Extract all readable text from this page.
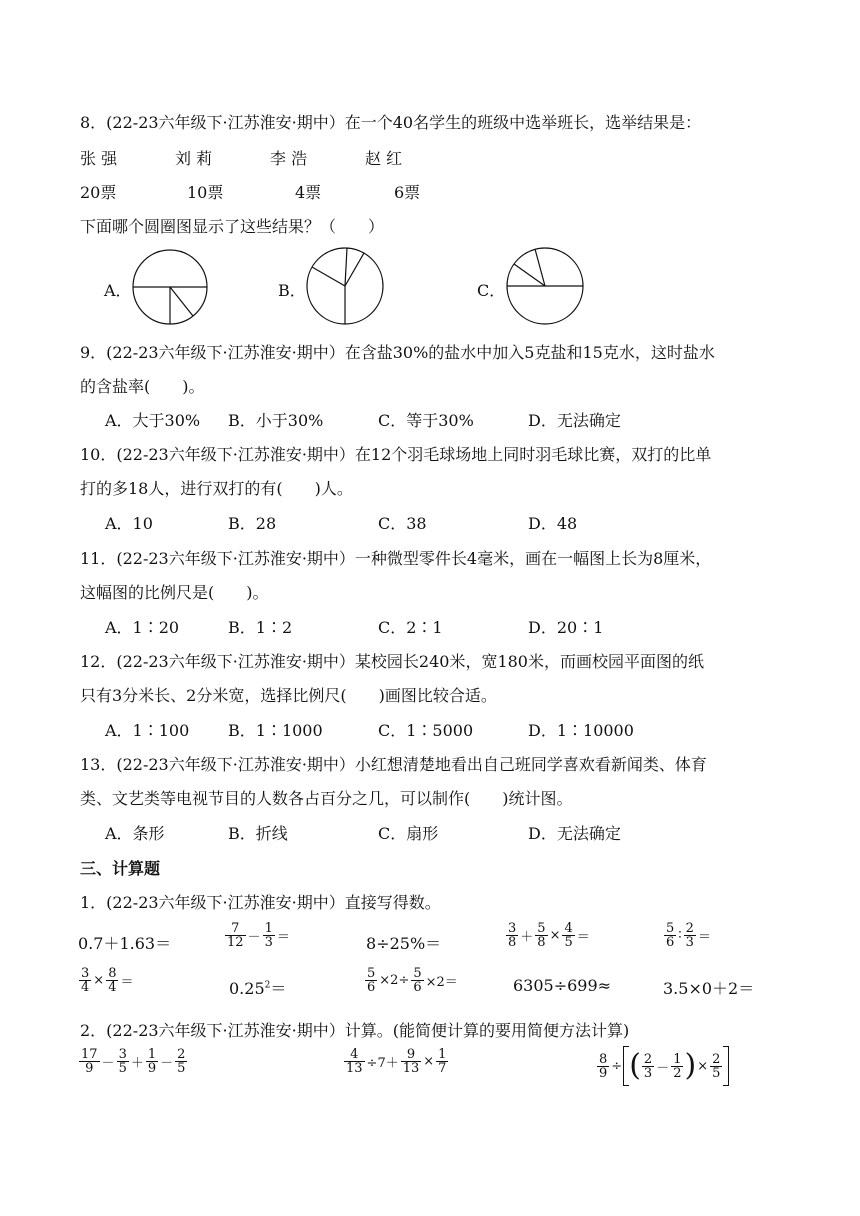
8．(22-23六年级下·江苏淮安·期中）在一个40名学生的班级中选举班长，选举结果是：
张 强	刘 莉	李 浩	赵 红
20票	10票	4票	6票
下面哪个圆圈图显示了这些结果？（　　）
A．	B．	C．
9．(22-23六年级下·江苏淮安·期中）在含盐30%的盐水中加入5克盐和15克水，这时盐水
的含盐率(　　)。
A．大于30% B．小于30%	C．等于30%	D．无法确定
10．(22-23六年级下·江苏淮安·期中）在12个羽毛球场地上同时羽毛球比赛，双打的比单
打的多18人，进行双打的有(　　)人。
A．10	B．28	C．38	D．48
11．(22-23六年级下·江苏淮安·期中）一种微型零件长4毫米，画在一幅图上长为8厘米，
这幅图的比例尺是(　　)。
A．1∶20	B．1∶2	C．2∶1	D．20∶1
12．(22-23六年级下·江苏淮安·期中）某校园长240米，宽180米，而画校园平面图的纸
只有3分米长、2分米宽，选择比例尺(　　)画图比较合适。
A．1∶100 B．1∶1000	C．1∶5000	D．1∶10000
13．(22-23六年级下·江苏淮安·期中）小红想清楚地看出自己班同学喜欢看新闻类、体育
类、文艺类等电视节目的人数各占百分之几，可以制作(　　)统计图。
A．条形	B．折线	C．扇形	D．无法确定
三、计算题
1．(22-23六年级下·江苏淮安·期中）直接写得数。
0.7＋1.63＝	$\frac{7}{12} - \frac{1}{3}$ ＝	8÷25%＝	$\frac{3}{8} + \frac{5}{8} \times \frac{4}{5}$ ＝	$\frac{5}{6}$ ∶ $\frac{2}{3}$ ＝
$\frac{3}{4} \times \frac{8}{4}$ ＝	$0.25^2=$	$\frac{5}{6} \times 2\div \frac{5}{6} \times 2=$	6305÷699≈	3.5×0＋2＝
2．(22-23六年级下·江苏淮安·期中）计算。(能简便计算的要用简便方法计算)
$\frac{17}{9} - \frac{3}{5} + \frac{1}{9} - \frac{2}{5}$	$\frac{4}{13} \div 7+ \frac{9}{13} \times \frac{1}{7}$	$\frac{8}{9}$ ÷ ( $\frac{2}{3} - \frac{1}{2}$ )× $\frac{2}{5}$
